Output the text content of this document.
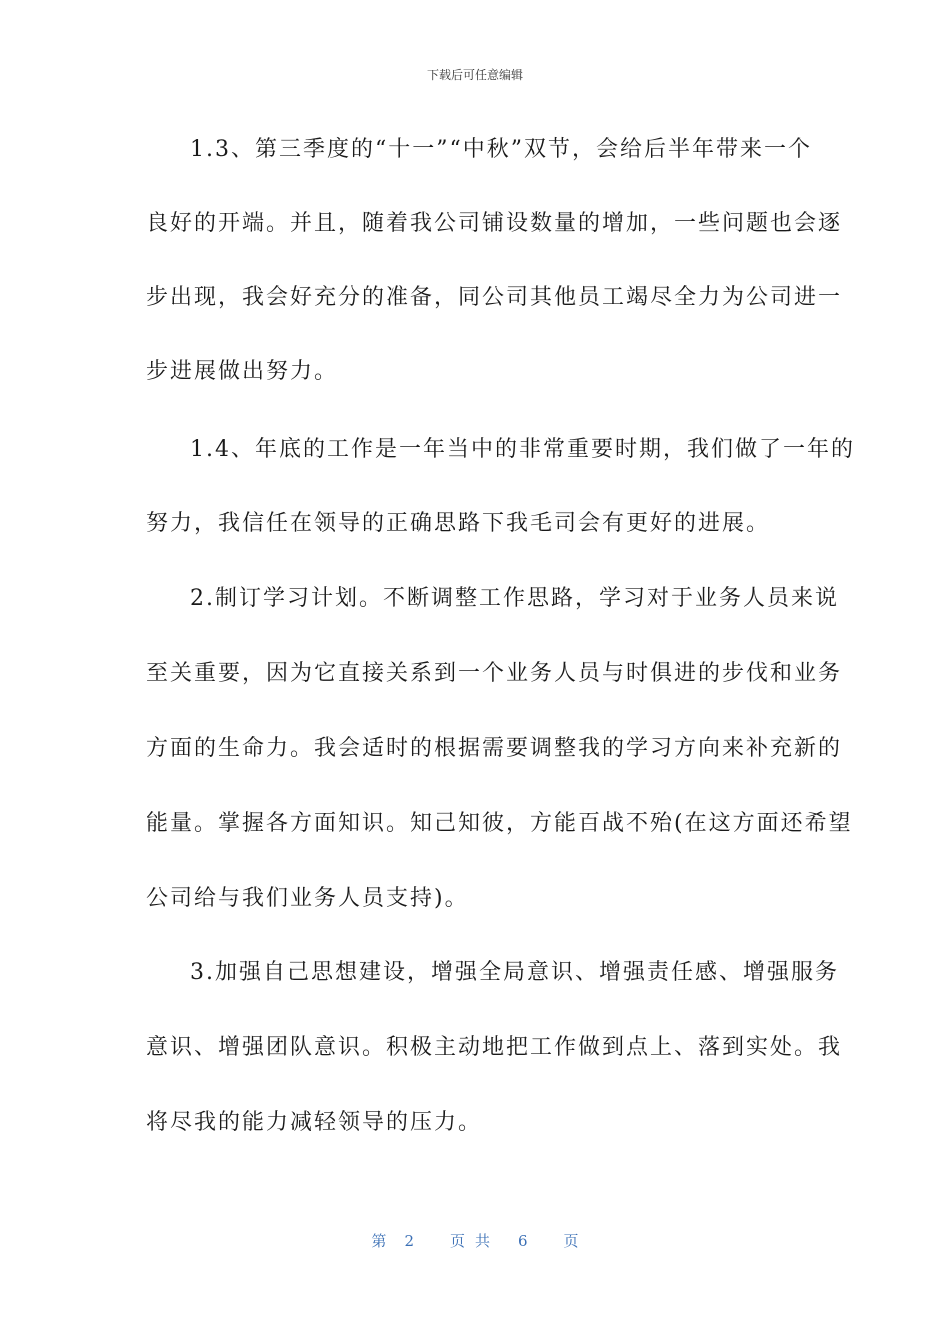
下载后可任意编辑
1.3、第三季度的“十一”“中秋”双节，会给后半年带来一个
良好的开端。并且，随着我公司铺设数量的增加，一些问题也会逐
步出现，我会好充分的准备，同公司其他员工竭尽全力为公司进一
步进展做出努力。
1.4、年底的工作是一年当中的非常重要时期，我们做了一年的
努力，我信任在领导的正确思路下我毛司会有更好的进展。
2.制订学习计划。不断调整工作思路，学习对于业务人员来说
至关重要，因为它直接关系到一个业务人员与时俱进的步伐和业务
方面的生命力。我会适时的根据需要调整我的学习方向来补充新的
能量。掌握各方面知识。知己知彼，方能百战不殆(在这方面还希望
公司给与我们业务人员支持)。
3.加强自己思想建设，增强全局意识、增强责任感、增强服务
意识、增强团队意识。积极主动地把工作做到点上、落到实处。我
将尽我的能力减轻领导的压力。
第 2 页共 6 页
